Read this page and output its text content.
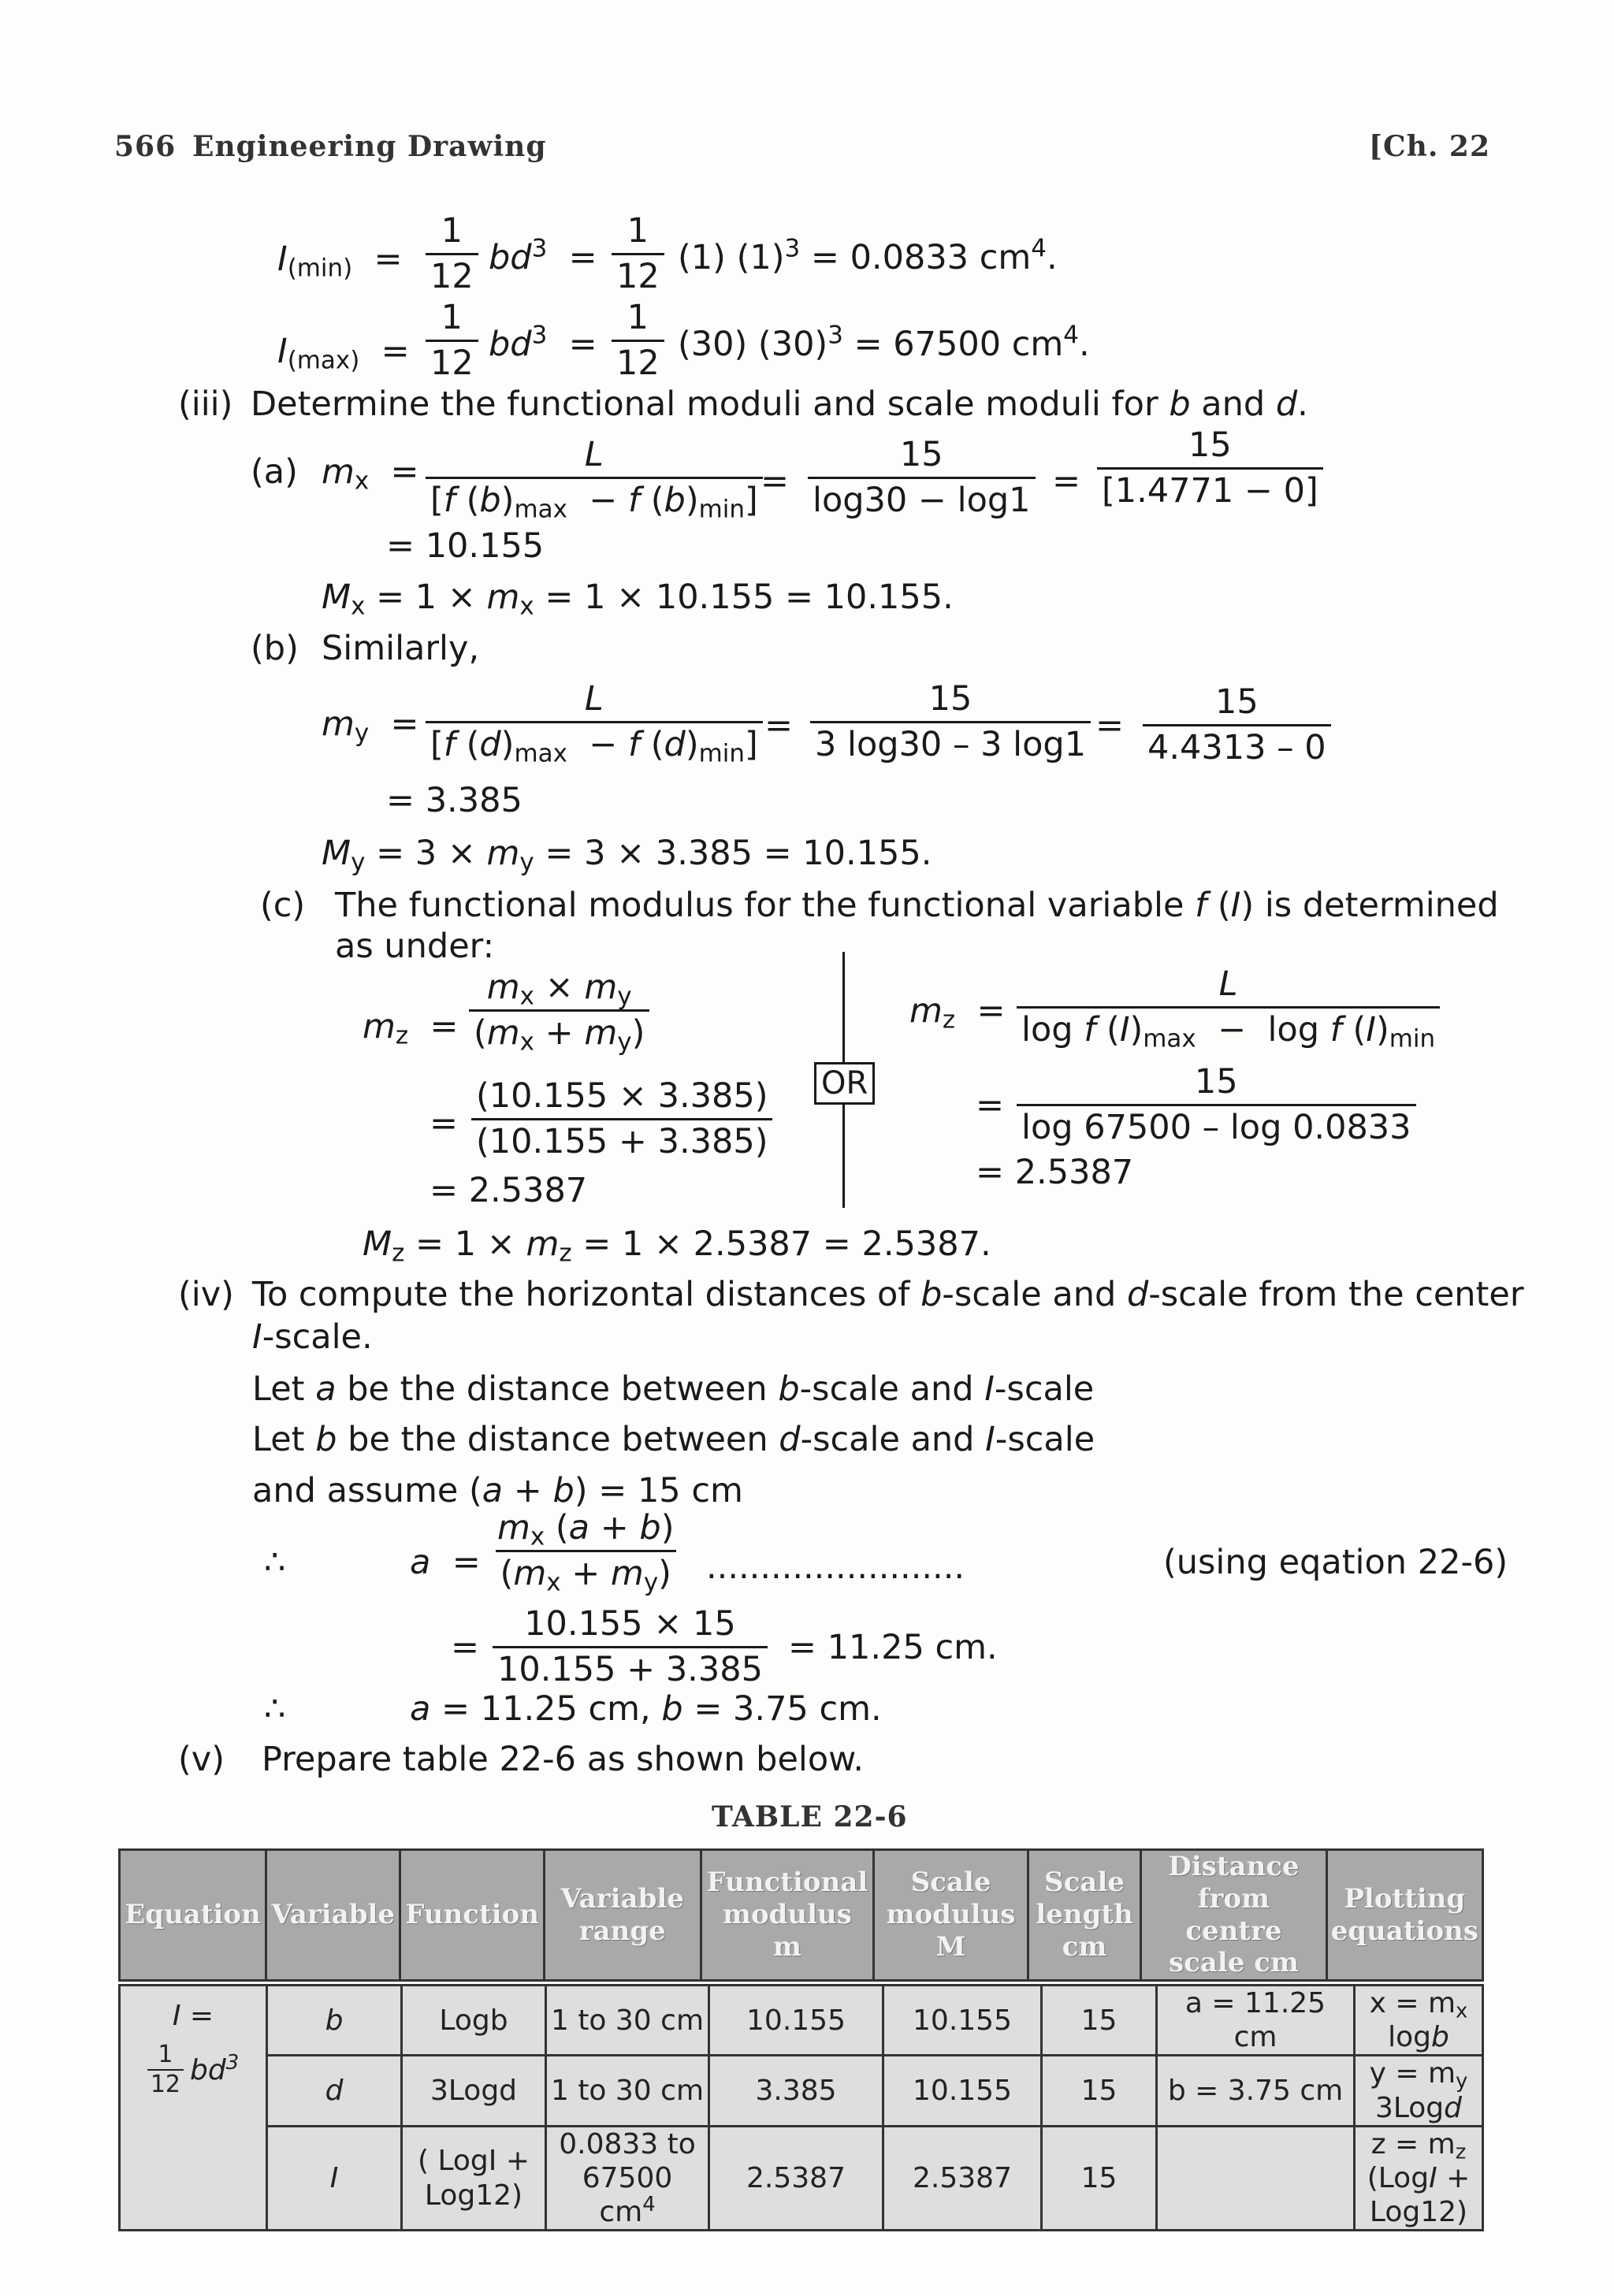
566 Engineering Drawing	[Ch. 22
$I_{(min)} = \frac{1}{12} bd^3 = \frac{1}{12} (1) (1)^3 = 0.0833$ $cm^4$.
$I_{(max)} = \frac{1}{12} bd^3 = \frac{1}{12} (30) (30)^3 = 67500$ $cm^4$.
(iii) Determine the functional moduli and scale moduli for b and d.
(a) $m_x$  =	L
[f $(b)_{max} - f$ $(b)_{min}] = \frac{15}{\log 30 - \log 1} = \frac{15}{[1.4771 - 0]}$
= 10.155
$M_x = 1 \times m_x = 1 \times 10.155 = 10.155$.
(b) Similarly,
$m_y$  =
L
[f $(d)_{max} - f$ $(d)_{min}] = \frac{15}{3 \log 30 - 3 \log 1} = \frac{15}{4.4313 - 0}$
= 3.385
$M_y = 3 \times m_y = 3 \times 3.385 = 10.155$.
(c) The functional modulus for the functional variable f (I) is determined
as under:
$m_z = \frac{m_x \times m_y}{(m_x + m_y)}$
= $\frac{(10.155 \times 3.385)}{(10.155 + 3.385)}$
= 2.5387
OR
$m_z$  =
L
log f $(I)_{max} - \log f$ $(I)_{min}$
= $\frac{15}{\log 67500 - \log 0.0833}$
= 2.5387
$M_z = 1 \times m_z = 1 \times 2.5387 = 2.5387$.
(iv) To compute the horizontal distances of b-scale and d-scale from the center
I-scale.
Let a be the distance between b-scale and I-scale
Let b be the distance between d-scale and I-scale
and assume (a + b) = 15 cm
∴	$a = \frac{m_x (a + b)}{(m_x + m_y)}$ ........................	(using eqation 22-6)
= $\frac{10.155 \times 15}{10.155 + 3.385} = 11.25$ cm.
∴	a = 11.25 cm, b = 3.75 cm.
(v) Prepare table 22-6 as shown below.
TABLE 22-6
Equation	Variable	Function	Variable range	Functional modulus m	Scale modulus M	Scale length cm	Distance from centre scale cm	Plotting equations
I =
1
12 $bd^3$	b	Logb	1 to 30 cm	10.155	10.155	15	a = 11.25 cm	$x = m_x$ logb
	d	3Logd	1 to 30 cm	3.385	10.155	15	b = 3.75 cm	$y = m_y$ 3Logd
	I	( LogI + Log12)	0.0833 to 67500 $cm^4$	2.5387	2.5387	15		$z = m_z$ (LogI +
Log12)
